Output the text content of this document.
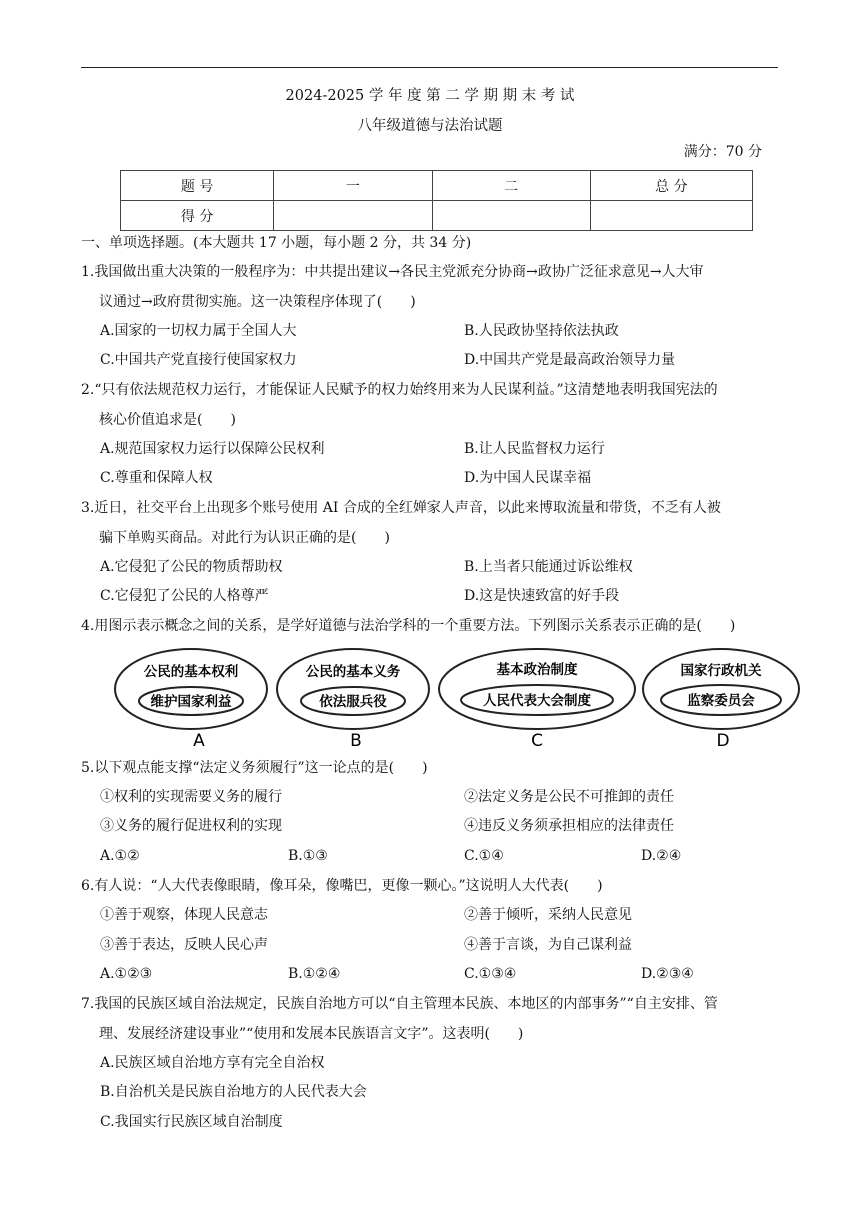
2024-2025 学 年 度 第 二 学 期 期 末 考 试
八年级道德与法治试题
满分：70 分
题 号	一	二	总 分
得 分			
一、单项选择题。(本大题共 17 小题，每小题 2 分，共 34 分)
1.我国做出重大决策的一般程序为：中共提出建议→各民主党派充分协商→政协广泛征求意见→人大审
议通过→政府贯彻实施。这一决策程序体现了(　　)
A.国家的一切权力属于全国人大	B.人民政协坚持依法执政
C.中国共产党直接行使国家权力	D.中国共产党是最高政治领导力量
2.“只有依法规范权力运行，才能保证人民赋予的权力始终用来为人民谋利益。”这清楚地表明我国宪法的
核心价值追求是(　　)
A.规范国家权力运行以保障公民权利	B.让人民监督权力运行
C.尊重和保障人权	D.为中国人民谋幸福
3.近日，社交平台上出现多个账号使用 AI 合成的全红婵家人声音，以此来博取流量和带货，不乏有人被
骗下单购买商品。对此行为认识正确的是(　　)
A.它侵犯了公民的物质帮助权	B.上当者只能通过诉讼维权
C.它侵犯了公民的人格尊严	D.这是快速致富的好手段
4.用图示表示概念之间的关系，是学好道德与法治学科的一个重要方法。下列图示关系表示正确的是(　　)
公民的基本权利
维护国家利益
A
公民的基本义务
依法服兵役
B
基本政治制度
人民代表大会制度
C
国家行政机关
监察委员会
D
5.以下观点能支撑“法定义务须履行”这一论点的是(　　)
①权利的实现需要义务的履行	②法定义务是公民不可推卸的责任
③义务的履行促进权利的实现	④违反义务须承担相应的法律责任
A.①②	B.①③	C.①④	D.②④
6.有人说：“人大代表像眼睛，像耳朵，像嘴巴，更像一颗心。”这说明人大代表(　　)
①善于观察，体现人民意志	②善于倾听，采纳人民意见
③善于表达，反映人民心声	④善于言谈，为自己谋利益
A.①②③	B.①②④	C.①③④	D.②③④
7.我国的民族区域自治法规定，民族自治地方可以“自主管理本民族、本地区的内部事务”“自主安排、管
理、发展经济建设事业”“使用和发展本民族语言文字”。这表明(　　)
A.民族区域自治地方享有完全自治权
B.自治机关是民族自治地方的人民代表大会
C.我国实行民族区域自治制度
